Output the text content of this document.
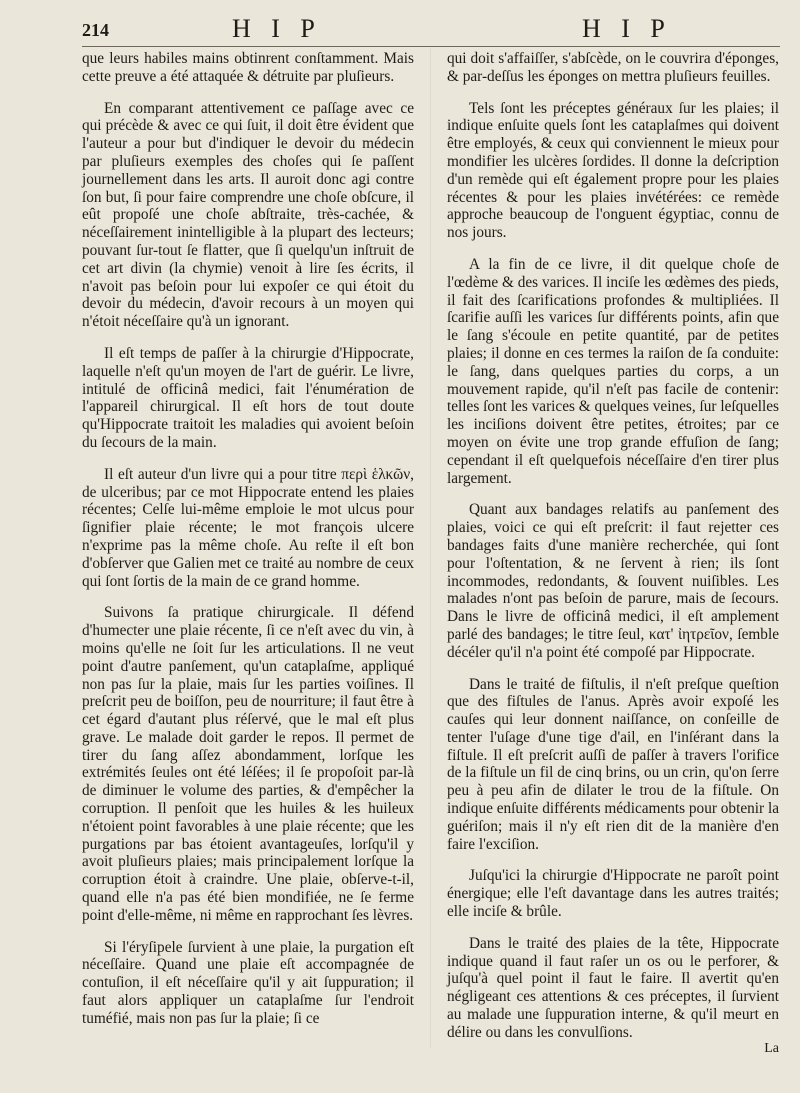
214	H I P	H I P

que leurs habiles mains obtinrent conſtamment. Mais cette preuve a été attaquée & détruite par pluſieurs.

En comparant attentivement ce paſſage avec ce qui précède & avec ce qui ſuit, il doit être évident que l'auteur a pour but d'indiquer le devoir du médecin par pluſieurs exemples des choſes qui ſe paſſent journellement dans les arts. Il auroit donc agi contre ſon but, ſi pour faire comprendre une choſe obſcure, il eût propoſé une choſe abſtraite, très-cachée, & néceſſairement inintelligible à la plupart des lecteurs; pouvant ſur-tout ſe flatter, que ſi quelqu'un inſtruit de cet art divin (la chymie) venoit à lire ſes écrits, il n'avoit pas beſoin pour lui expoſer ce qui étoit du devoir du médecin, d'avoir recours à un moyen qui n'étoit néceſſaire qu'à un ignorant.

Il eſt temps de paſſer à la chirurgie d'Hippocrate, laquelle n'eſt qu'un moyen de l'art de guérir. Le livre, intitulé de officinâ medici, fait l'énumération de l'appareil chirurgical. Il eſt hors de tout doute qu'Hippocrate traitoit les maladies qui avoient beſoin du ſecours de la main.

Il eſt auteur d'un livre qui a pour titre περὶ ἑλκῶν, de ulceribus; par ce mot Hippocrate entend les plaies récentes; Celſe lui-même emploie le mot ulcus pour ſignifier plaie récente; le mot françois ulcere n'exprime pas la même choſe. Au reſte il eſt bon d'obſerver que Galien met ce traité au nombre de ceux qui ſont ſortis de la main de ce grand homme.

Suivons ſa pratique chirurgicale. Il défend d'humecter une plaie récente, ſi ce n'eſt avec du vin, à moins qu'elle ne ſoit ſur les articulations. Il ne veut point d'autre panſement, qu'un cataplaſme, appliqué non pas ſur la plaie, mais ſur les parties voiſines. Il preſcrit peu de boiſſon, peu de nourriture; il faut être à cet égard d'autant plus réſervé, que le mal eſt plus grave. Le malade doit garder le repos. Il permet de tirer du ſang aſſez abondamment, lorſque les extrémités ſeules ont été léſées; il ſe propoſoit par-là de diminuer le volume des parties, & d'empêcher la corruption. Il penſoit que les huiles & les huileux n'étoient point favorables à une plaie récente; que les purgations par bas étoient avantageuſes, lorſqu'il y avoit pluſieurs plaies; mais principalement lorſque la corruption étoit à craindre. Une plaie, obſerve-t-il, quand elle n'a pas été bien mondifiée, ne ſe ferme point d'elle-même, ni même en rapprochant ſes lèvres.

Si l'éryſipele ſurvient à une plaie, la purgation eſt néceſſaire. Quand une plaie eſt accompagnée de contuſion, il eſt néceſſaire qu'il y ait ſuppuration; il faut alors appliquer un cataplaſme ſur l'endroit tuméfié, mais non pas ſur la plaie; ſi ce

qui doit s'affaiſſer, s'abſcède, on le couvrira d'éponges, & par-deſſus les éponges on mettra pluſieurs feuilles.

Tels ſont les préceptes généraux ſur les plaies; il indique enſuite quels ſont les cataplaſmes qui doivent être employés, & ceux qui conviennent le mieux pour mondifier les ulcères ſordides. Il donne la deſcription d'un remède qui eſt également propre pour les plaies récentes & pour les plaies invétérées: ce remède approche beaucoup de l'onguent égyptiac, connu de nos jours.

A la fin de ce livre, il dit quelque choſe de l'œdème & des varices. Il inciſe les œdèmes des pieds, il fait des ſcarifications profondes & multipliées. Il ſcarifie auſſi les varices ſur différents points, afin que le ſang s'écoule en petite quantité, par de petites plaies; il donne en ces termes la raiſon de ſa conduite: le ſang, dans quelques parties du corps, a un mouvement rapide, qu'il n'eſt pas facile de contenir: telles ſont les varices & quelques veines, ſur leſquelles les inciſions doivent être petites, étroites; par ce moyen on évite une trop grande effuſion de ſang; cependant il eſt quelquefois néceſſaire d'en tirer plus largement.

Quant aux bandages relatifs au panſement des plaies, voici ce qui eſt preſcrit: il faut rejetter ces bandages faits d'une manière recherchée, qui ſont pour l'oſtentation, & ne ſervent à rien; ils ſont incommodes, redondants, & ſouvent nuiſibles. Les malades n'ont pas beſoin de parure, mais de ſecours. Dans le livre de officinâ medici, il eſt amplement parlé des bandages; le titre ſeul, κατ' ἰητρεῖον, ſemble décéler qu'il n'a point été compoſé par Hippocrate.

Dans le traité de fiſtulis, il n'eſt preſque queſtion que des fiſtules de l'anus. Après avoir expoſé les cauſes qui leur donnent naiſſance, on conſeille de tenter l'uſage d'une tige d'ail, en l'inſérant dans la fiſtule. Il eſt preſcrit auſſi de paſſer à travers l'orifice de la fiſtule un fil de cinq brins, ou un crin, qu'on ſerre peu à peu afin de dilater le trou de la fiſtule. On indique enſuite différents médicaments pour obtenir la guériſon; mais il n'y eſt rien dit de la manière d'en faire l'exciſion.

Juſqu'ici la chirurgie d'Hippocrate ne paroît point énergique; elle l'eſt davantage dans les autres traités; elle inciſe & brûle.

Dans le traité des plaies de la tête, Hippocrate indique quand il faut raſer un os ou le perforer, & juſqu'à quel point il faut le faire. Il avertit qu'en négligeant ces attentions & ces préceptes, il ſurvient au malade une ſuppuration interne, & qu'il meurt en délire ou dans les convulſions.

La
